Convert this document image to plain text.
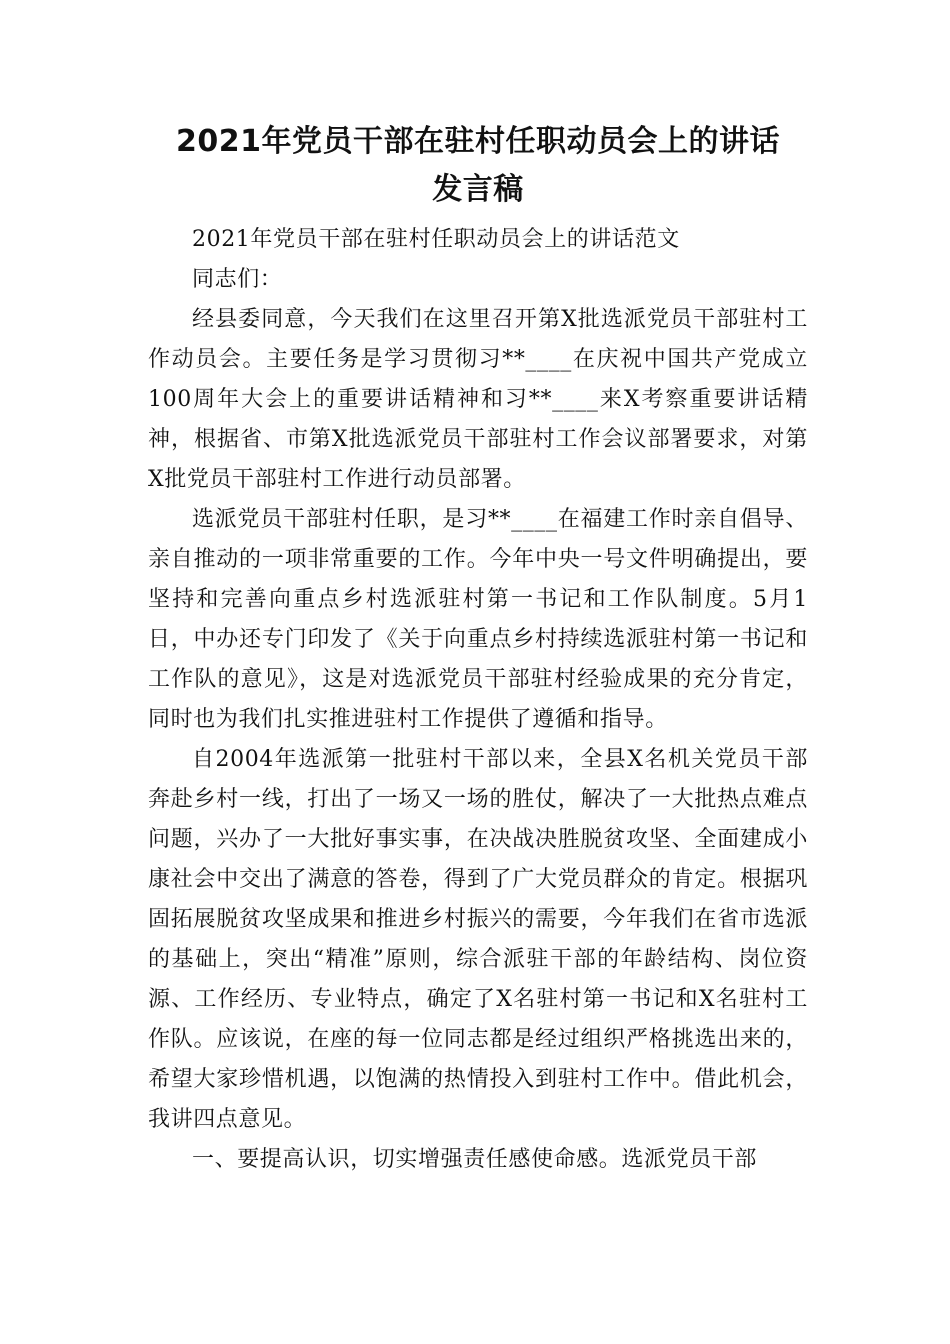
2021年党员干部在驻村任职动员会上的讲话
发言稿

2021年党员干部在驻村任职动员会上的讲话范文

同志们：

经县委同意，今天我们在这里召开第X批选派党员干部驻村工作动员会。主要任务是学习贯彻习**____在庆祝中国共产党成立100周年大会上的重要讲话精神和习**____来X考察重要讲话精神，根据省、市第X批选派党员干部驻村工作会议部署要求，对第X批党员干部驻村工作进行动员部署。

选派党员干部驻村任职，是习**____在福建工作时亲自倡导、亲自推动的一项非常重要的工作。今年中央一号文件明确提出，要坚持和完善向重点乡村选派驻村第一书记和工作队制度。5月1日，中办还专门印发了《关于向重点乡村持续选派驻村第一书记和工作队的意见》，这是对选派党员干部驻村经验成果的充分肯定，同时也为我们扎实推进驻村工作提供了遵循和指导。

自2004年选派第一批驻村干部以来，全县X名机关党员干部奔赴乡村一线，打出了一场又一场的胜仗，解决了一大批热点难点问题，兴办了一大批好事实事，在决战决胜脱贫攻坚、全面建成小康社会中交出了满意的答卷，得到了广大党员群众的肯定。根据巩固拓展脱贫攻坚成果和推进乡村振兴的需要，今年我们在省市选派的基础上，突出“精准”原则，综合派驻干部的年龄结构、岗位资源、工作经历、专业特点，确定了X名驻村第一书记和X名驻村工作队。应该说，在座的每一位同志都是经过组织严格挑选出来的，希望大家珍惜机遇，以饱满的热情投入到驻村工作中。借此机会，我讲四点意见。

一、要提高认识，切实增强责任感使命感。选派党员干部
